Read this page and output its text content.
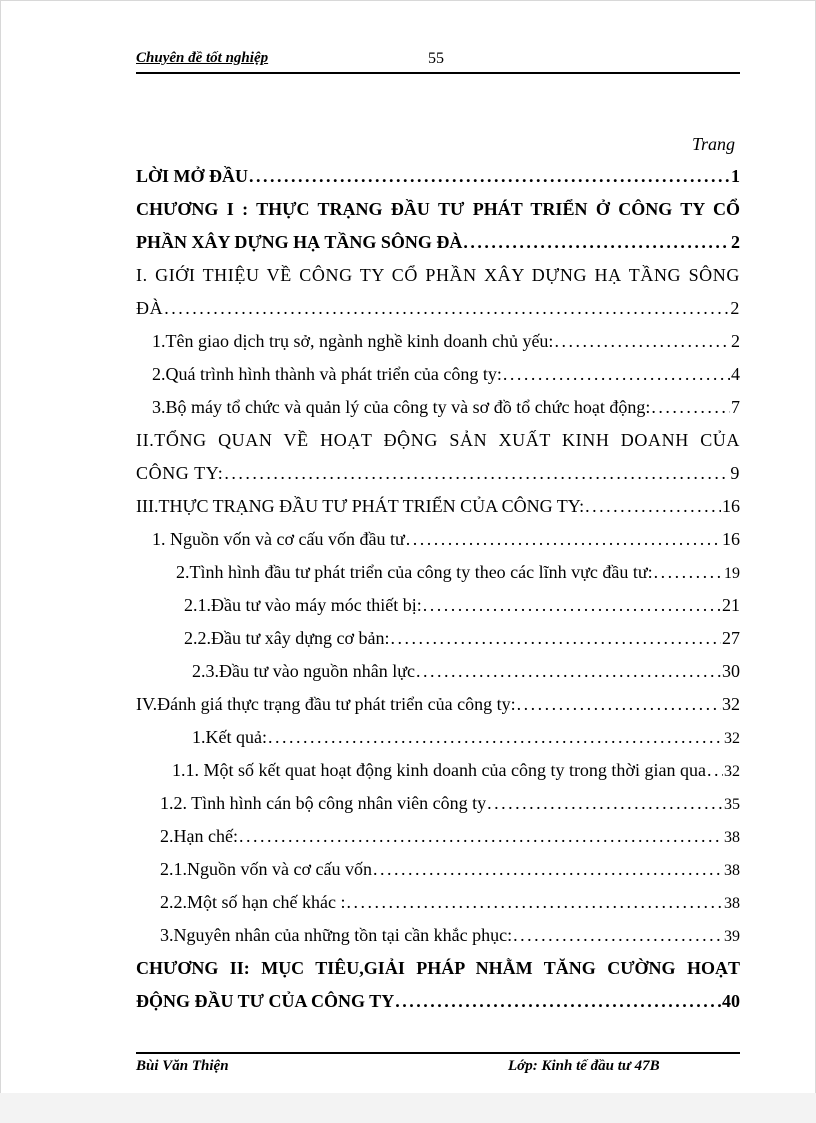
Chuyên đề tốt nghiệp	55
Trang
LỜI MỞ ĐẦU . . .	1
CHƯƠNG I : THỰC TRẠNG ĐẦU TƯ PHÁT TRIỂN Ở CÔNG TY CỔ
PHẦN XÂY DỰNG HẠ TẦNG SÔNG ĐÀ . . .	2
I. GIỚI THIỆU VỀ CÔNG TY CỔ PHẦN XÂY DỰNG HẠ TẦNG SÔNG
ĐÀ . . .	2
1.Tên giao dịch trụ sở, ngành nghề kinh doanh chủ yếu: . . .	2
2.Quá trình hình thành và phát triển của công ty: . . .	4
3.Bộ máy tổ chức và quản lý của công ty và sơ đồ tổ chức hoạt động: . . .	7
II.TỔNG QUAN VỀ HOẠT ĐỘNG SẢN XUẤT KINH DOANH CỦA
CÔNG TY: . . .	9
III.THỰC TRẠNG ĐẦU TƯ PHÁT TRIỂN CỦA CÔNG TY: . . .	16
1. Nguồn vốn và cơ cấu vốn đầu tư . . .	16
2.Tình hình đầu tư phát triển của công ty theo các lĩnh vực đầu tư: . . .	19
2.1.Đầu tư vào máy móc thiết bị: . . .	21
2.2.Đầu tư xây dựng cơ bản: . . .	27
2.3.Đầu tư vào nguồn nhân lực . . .	30
IV.Đánh giá thực trạng đầu tư phát triển của công ty: . . .	32
1.Kết quả: . . .	32
1.1. Một số kết quat hoạt động kinh doanh của công ty trong thời gian qua . . . 32
1.2. Tình hình cán bộ công nhân viên công ty . . .	35
2.Hạn chế: . . .	38
2.1.Nguồn vốn và cơ cấu vốn . . .	38
2.2.Một số hạn chế khác : . . .	38
3.Nguyên nhân của những tồn tại cần khắc phục: . . .	39
CHƯƠNG II: MỤC TIÊU,GIẢI PHÁP NHẰM TĂNG CƯỜNG HOẠT
ĐỘNG ĐẦU TƯ CỦA CÔNG TY . . .	40
Bùi Văn Thiện	Lớp: Kinh tế đầu tư 47B
